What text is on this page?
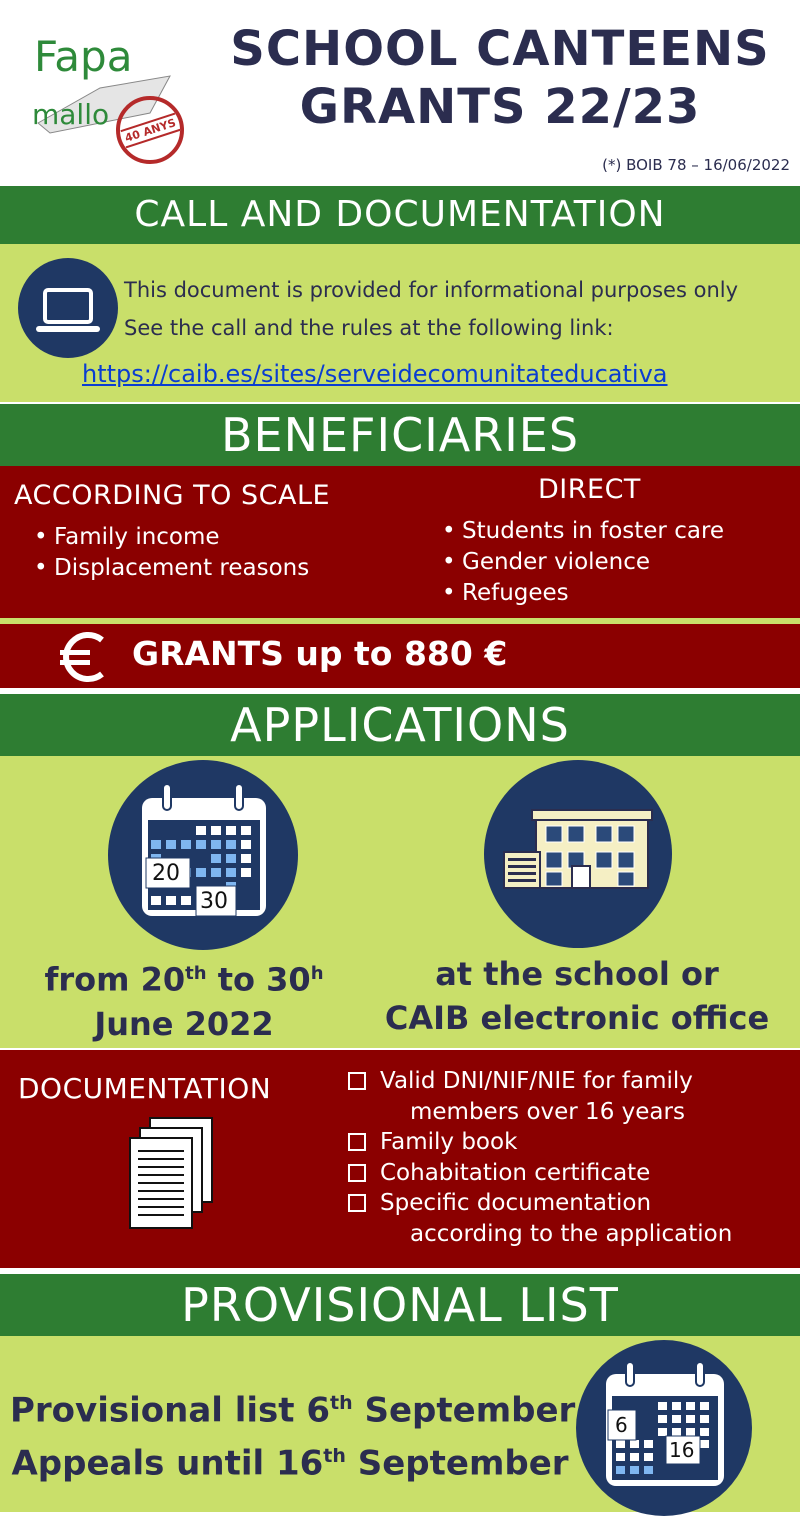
Fapa
mallo 40 ANYS
SCHOOL CANTEENS
GRANTS 22/23
(*) BOIB 78 – 16/06/2022
CALL AND DOCUMENTATION
This document is provided for informational purposes only
See the call and the rules at the following link:
https://caib.es/sites/serveidecomunitateducativa
BENEFICIARIES
ACCORDING TO SCALE
• Family income
• Displacement reasons
DIRECT
• Students in foster care
• Gender violence
• Refugees
GRANTS up to 880 €
APPLICATIONS
20
30
from 20th to 30$^h$
June 2022
at the school or
CAIB electronic office
DOCUMENTATION	Valid DNI/NIF/NIE for family
members over 16 years
Family book
Cohabitation certificate
Specific documentation
according to the application
PROVISIONAL LIST
Provisional list 6th September
Appeals until 16th September
6
16
